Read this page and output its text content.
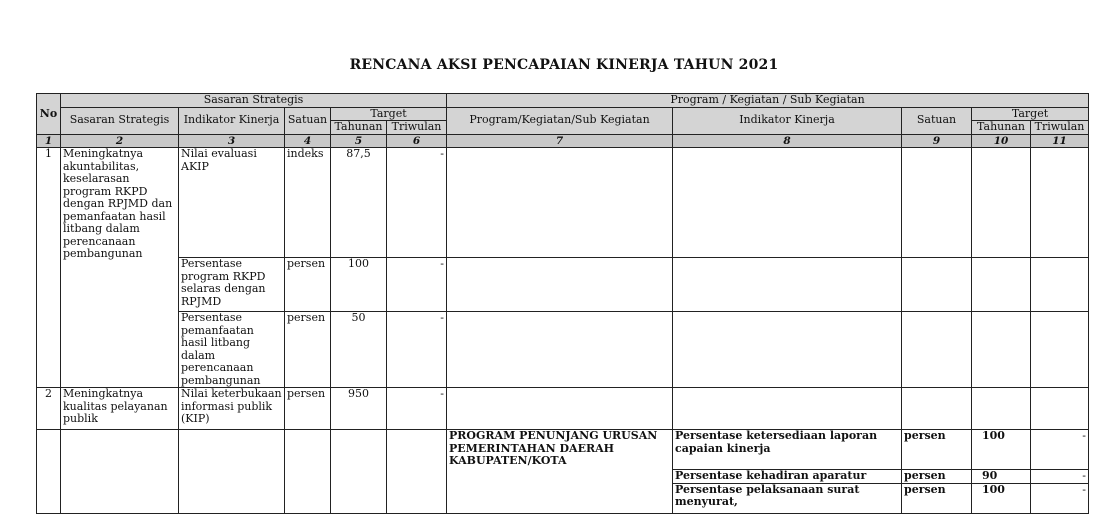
RENCANA AKSI PENCAPAIAN KINERJA TAHUN 2021
No	Sasaran Strategis					Program / Kegiatan / Sub Kegiatan				
	Sasaran Strategis	Indikator Kinerja	Satuan	Target		Program/Kegiatan/Sub Kegiatan	Indikator Kinerja	Satuan	Target	
				Tahunan	Triwulan				Tahunan	Triwulan
1	2	3	4	5	6	7	8	9	10	11
1	Meningkatnya akuntabilitas, keselarasan program RKPD dengan RPJMD dan pemanfaatan hasil litbang dalam perencanaan pembangunan	Nilai evaluasi AKIP	indeks	87,5	-					
		Persentase program RKPD selaras dengan RPJMD	persen	100	-					
		Persentase pemanfaatan hasil litbang dalam perencanaan pembangunan	persen	50	-					
2	Meningkatnya kualitas pelayanan publik	Nilai keterbukaan informasi publik (KIP)	persen	950	-					
						PROGRAM PENUNJANG URUSAN PEMERINTAHAN DAERAH KABUPATEN/KOTA	Persentase ketersediaan laporan capaian kinerja	persen	100	-
							Persentase kehadiran aparatur	persen	90	-
							Persentase pelaksanaan surat menyurat,	persen	100	-
